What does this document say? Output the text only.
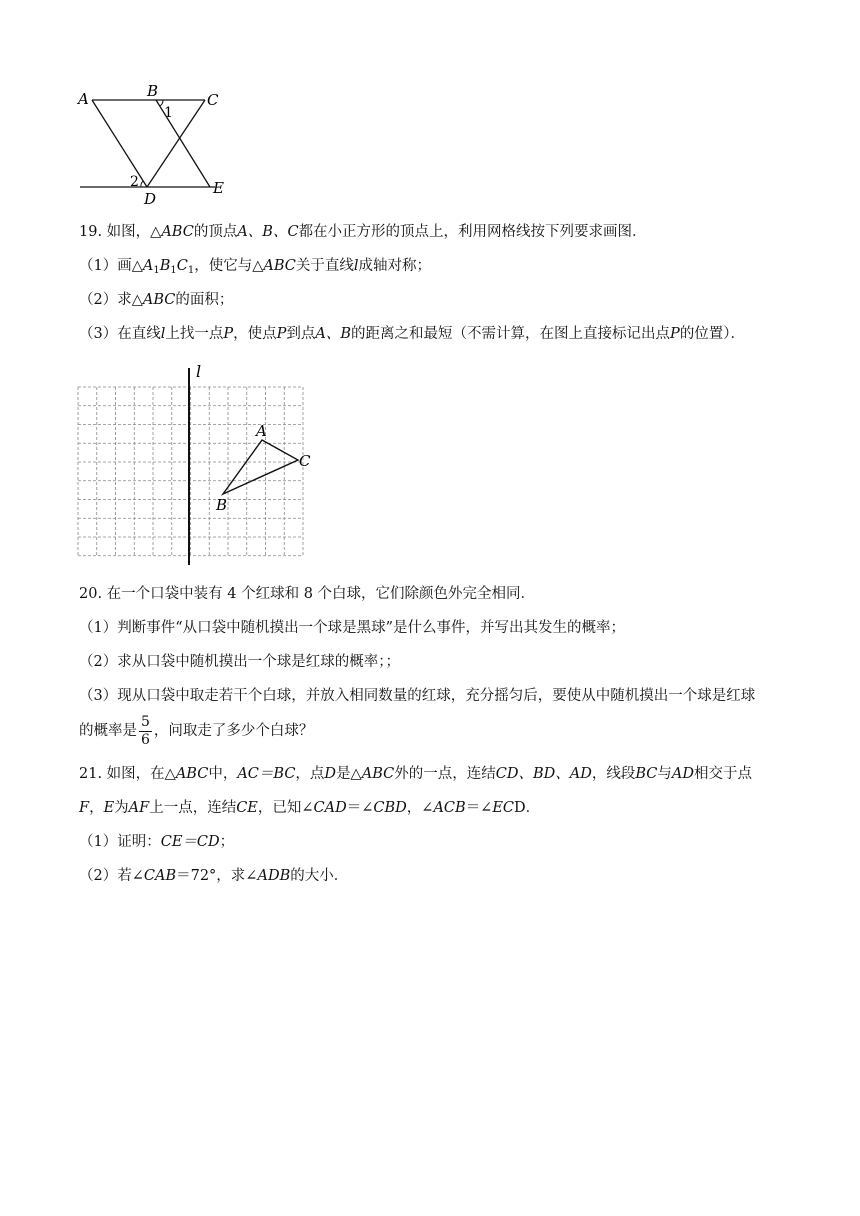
A	B	C
1
2
D
E
19. 如图，△ABC的顶点A、B、C都在小正方形的顶点上，利用网格线按下列要求画图．
（1）画$\triangle A_1B_1C_1$，使它与△ABC关于直线l成轴对称；
（2）求△ABC的面积；
（3）在直线l上找一点P，使点P到点A、B的距离之和最短（不需计算，在图上直接标记出点P的位置）．
l
A
C
B
20. 在一个口袋中装有 4 个红球和 8 个白球，它们除颜色外完全相同．
（1）判断事件“从口袋中随机摸出一个球是黑球”是什么事件，并写出其发生的概率；
（2）求从口袋中随机摸出一个球是红球的概率；；
（3）现从口袋中取走若干个白球，并放入相同数量的红球，充分摇匀后，要使从中随机摸出一个球是红球
的概率是 $\frac{5}{6}$ ，问取走了多少个白球？
21. 如图，在△ABC中，AC＝BC，点D是△ABC外的一点，连结CD、BD、AD，线段BC与AD相交于点
F，E为AF上一点，连结CE，已知∠CAD＝∠CBD，∠ACB＝∠ECD．
（1）证明：CE＝CD；
（2）若∠CAB＝72°，求∠ADB的大小．
